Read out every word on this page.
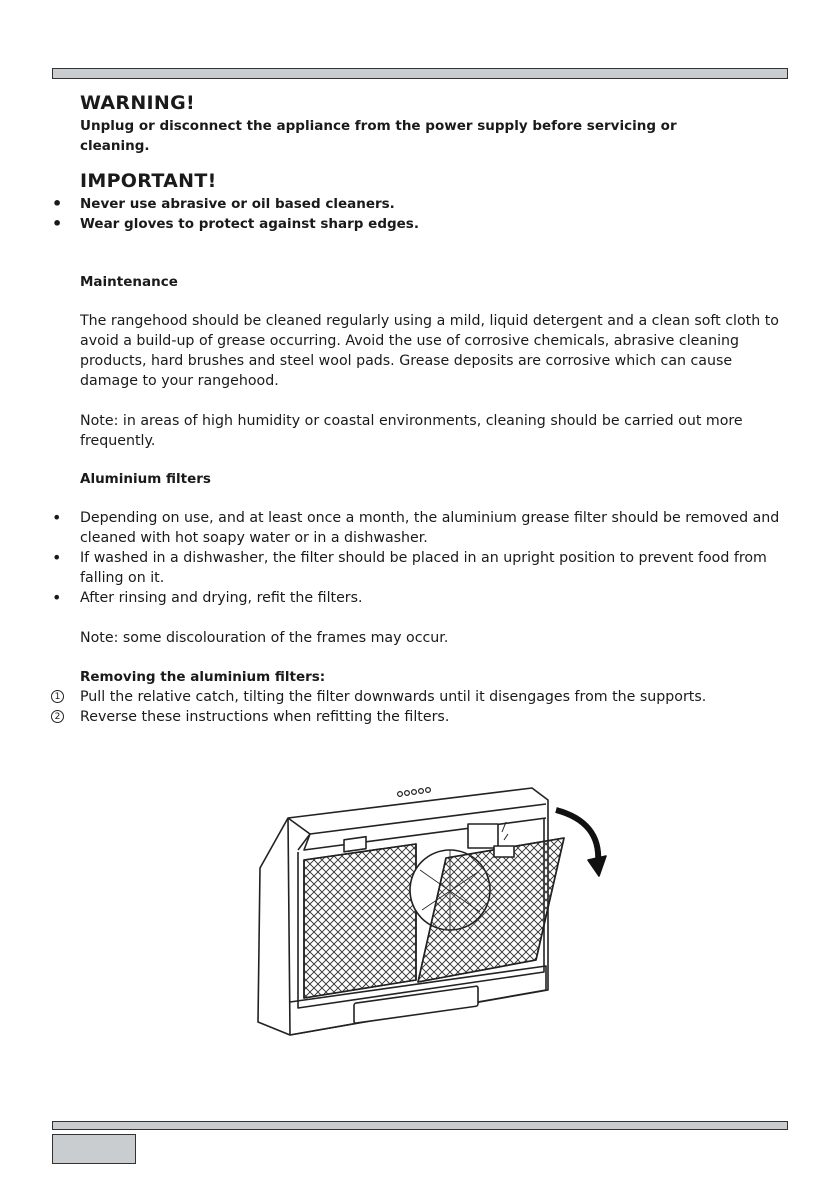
WARNING!

Unplug or disconnect the appliance from the power supply before servicing or cleaning.

IMPORTANT!
• Never use abrasive or oil based cleaners.
• Wear gloves to protect against sharp edges.
Maintenance

The rangehood should be cleaned regularly using a mild, liquid detergent and a clean soft cloth to avoid a build-up of grease occurring. Avoid the use of corrosive chemicals, abrasive cleaning products, hard brushes and steel wool pads. Grease deposits are corrosive which can cause damage to your rangehood.

Note: in areas of high humidity or coastal environments, cleaning should be carried out more frequently.

Aluminium filters
• Depending on use, and at least once a month, the aluminium grease filter should be removed and cleaned with hot soapy water or in a dishwasher.
• If washed in a dishwasher, the filter should be placed in an upright position to prevent food from falling on it.
• After rinsing and drying, refit the filters.

Note: some discolouration of the frames may occur.

Removing the aluminium filters:
1 Pull the relative catch, tilting the filter downwards until it disengages from the supports.
2 Reverse these instructions when refitting the filters.
